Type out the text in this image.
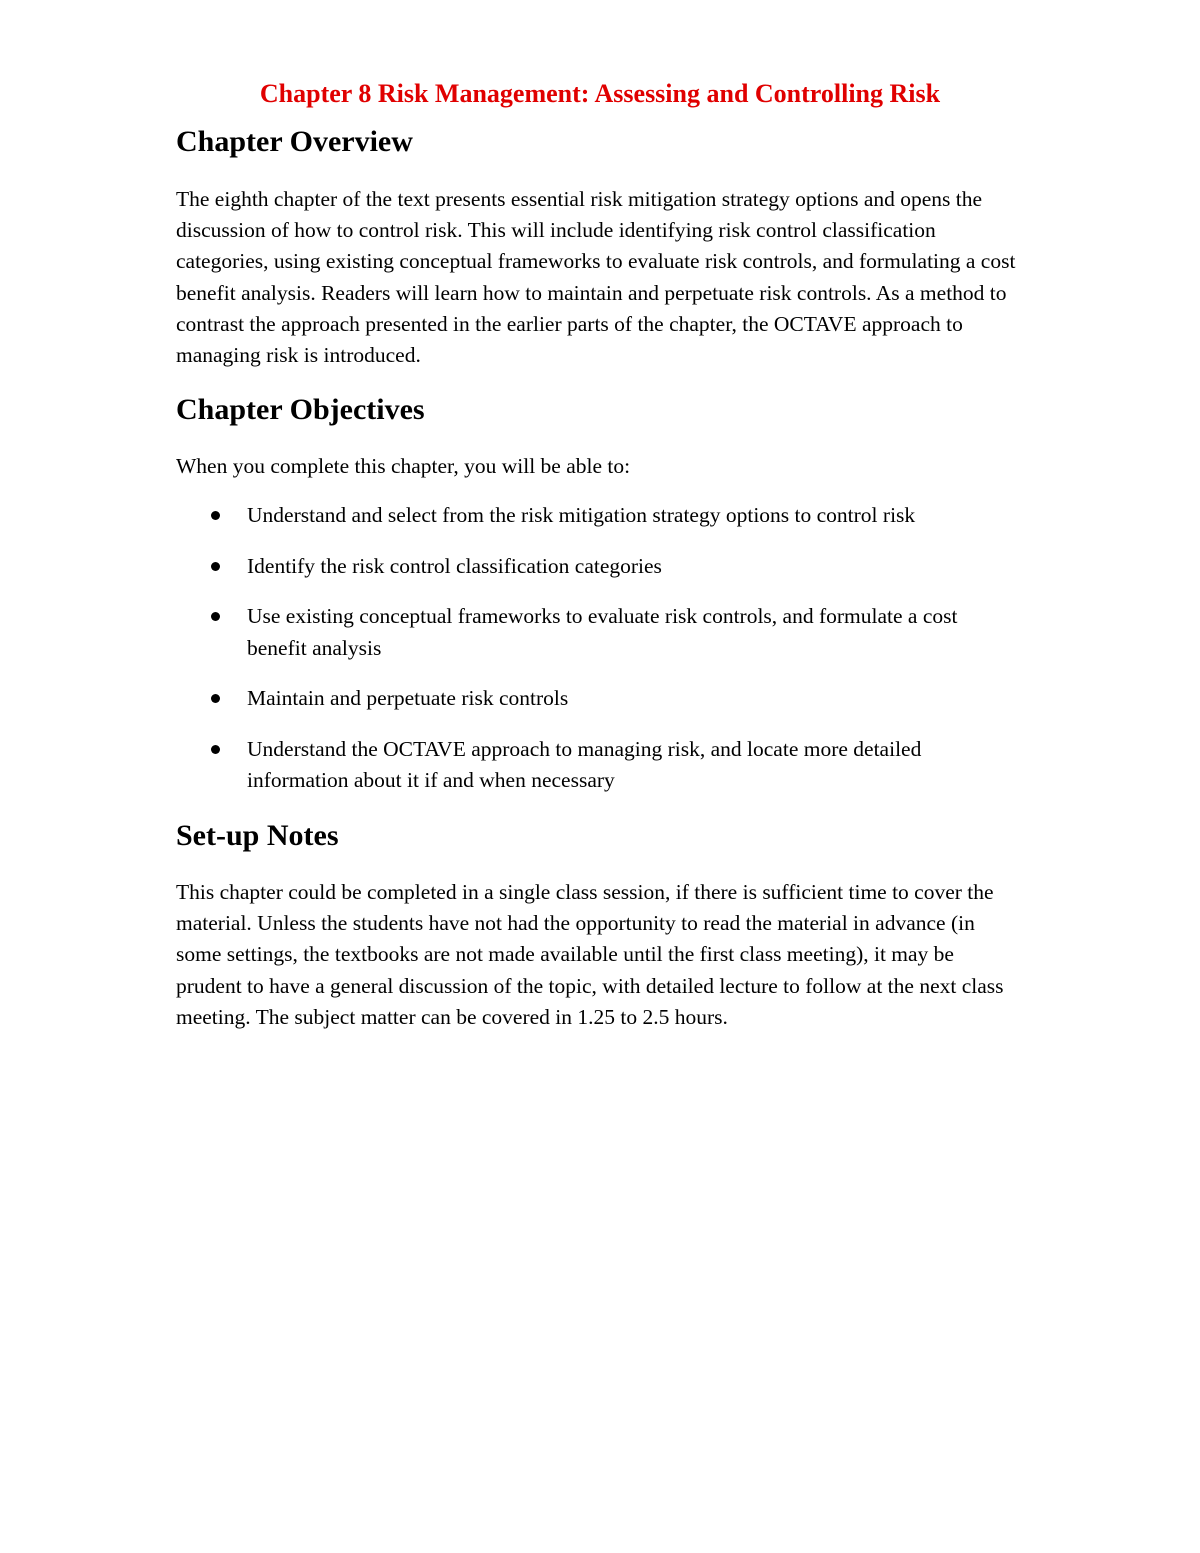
Chapter 8 Risk Management: Assessing and Controlling Risk
Chapter Overview

The eighth chapter of the text presents essential risk mitigation strategy options and opens the discussion of how to control risk. This will include identifying risk control classification categories, using existing conceptual frameworks to evaluate risk controls, and formulating a cost benefit analysis. Readers will learn how to maintain and perpetuate risk controls. As a method to contrast the approach presented in the earlier parts of the chapter, the OCTAVE approach to managing risk is introduced.

Chapter Objectives

When you complete this chapter, you will be able to:

Understand and select from the risk mitigation strategy options to control risk
Identify the risk control classification categories
Use existing conceptual frameworks to evaluate risk controls, and formulate a cost benefit analysis
Maintain and perpetuate risk controls
Understand the OCTAVE approach to managing risk, and locate more detailed information about it if and when necessary
Set-up Notes

This chapter could be completed in a single class session, if there is sufficient time to cover the material. Unless the students have not had the opportunity to read the material in advance (in some settings, the textbooks are not made available until the first class meeting), it may be prudent to have a general discussion of the topic, with detailed lecture to follow at the next class meeting. The subject matter can be covered in 1.25 to 2.5 hours.
